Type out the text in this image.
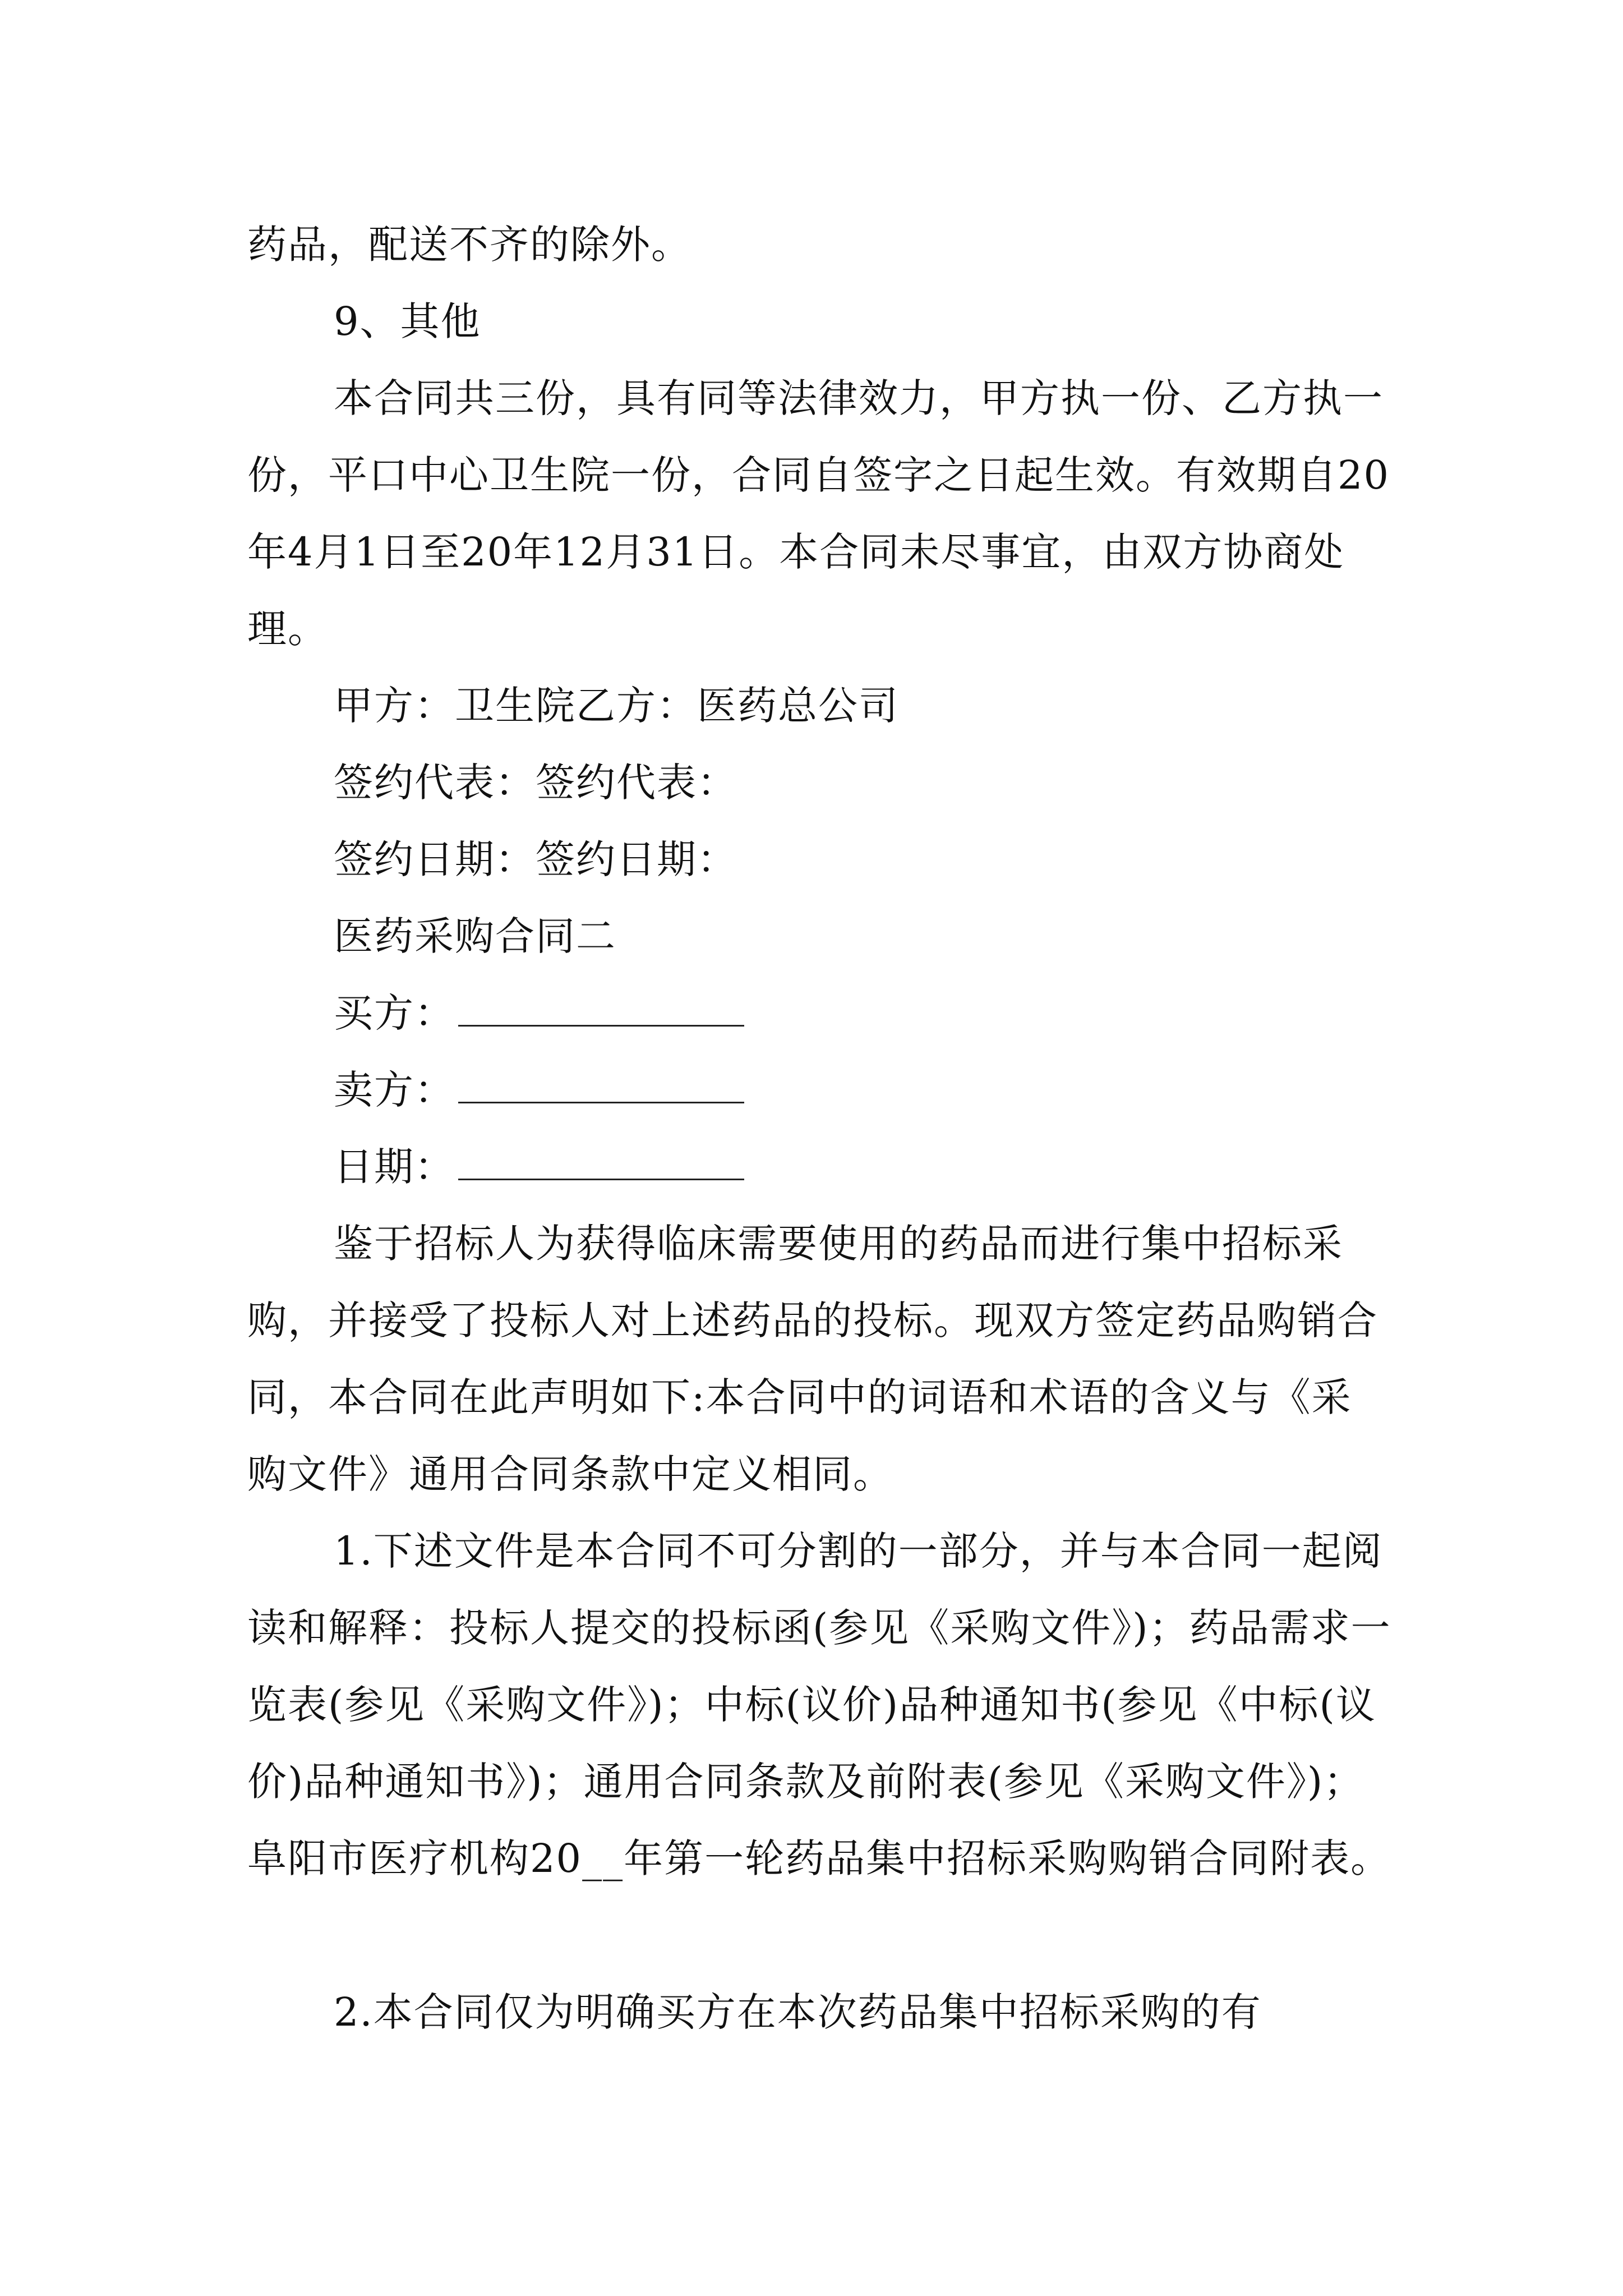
药品，配送不齐的除外。
9、其他
本合同共三份，具有同等法律效力，甲方执一份、乙方执一份，平口中心卫生院一份，合同自签字之日起生效。有效期自20年4月1日至20年12月31日。本合同未尽事宜，由双方协商处理。
甲方：卫生院乙方：医药总公司
签约代表：签约代表：
签约日期：签约日期：
医药采购合同二
买方：
卖方：
日期：
鉴于招标人为获得临床需要使用的药品而进行集中招标采购，并接受了投标人对上述药品的投标。现双方签定药品购销合同，本合同在此声明如下:本合同中的词语和术语的含义与《采购文件》通用合同条款中定义相同。
1.下述文件是本合同不可分割的一部分，并与本合同一起阅读和解释：投标人提交的投标函(参见《采购文件》)；药品需求一览表(参见《采购文件》)；中标(议价)品种通知书(参见《中标(议价)品种通知书》)；通用合同条款及前附表(参见《采购文件》)；阜阳市医疗机构20__年第一轮药品集中招标采购购销合同附表。
2.本合同仅为明确买方在本次药品集中招标采购的有
